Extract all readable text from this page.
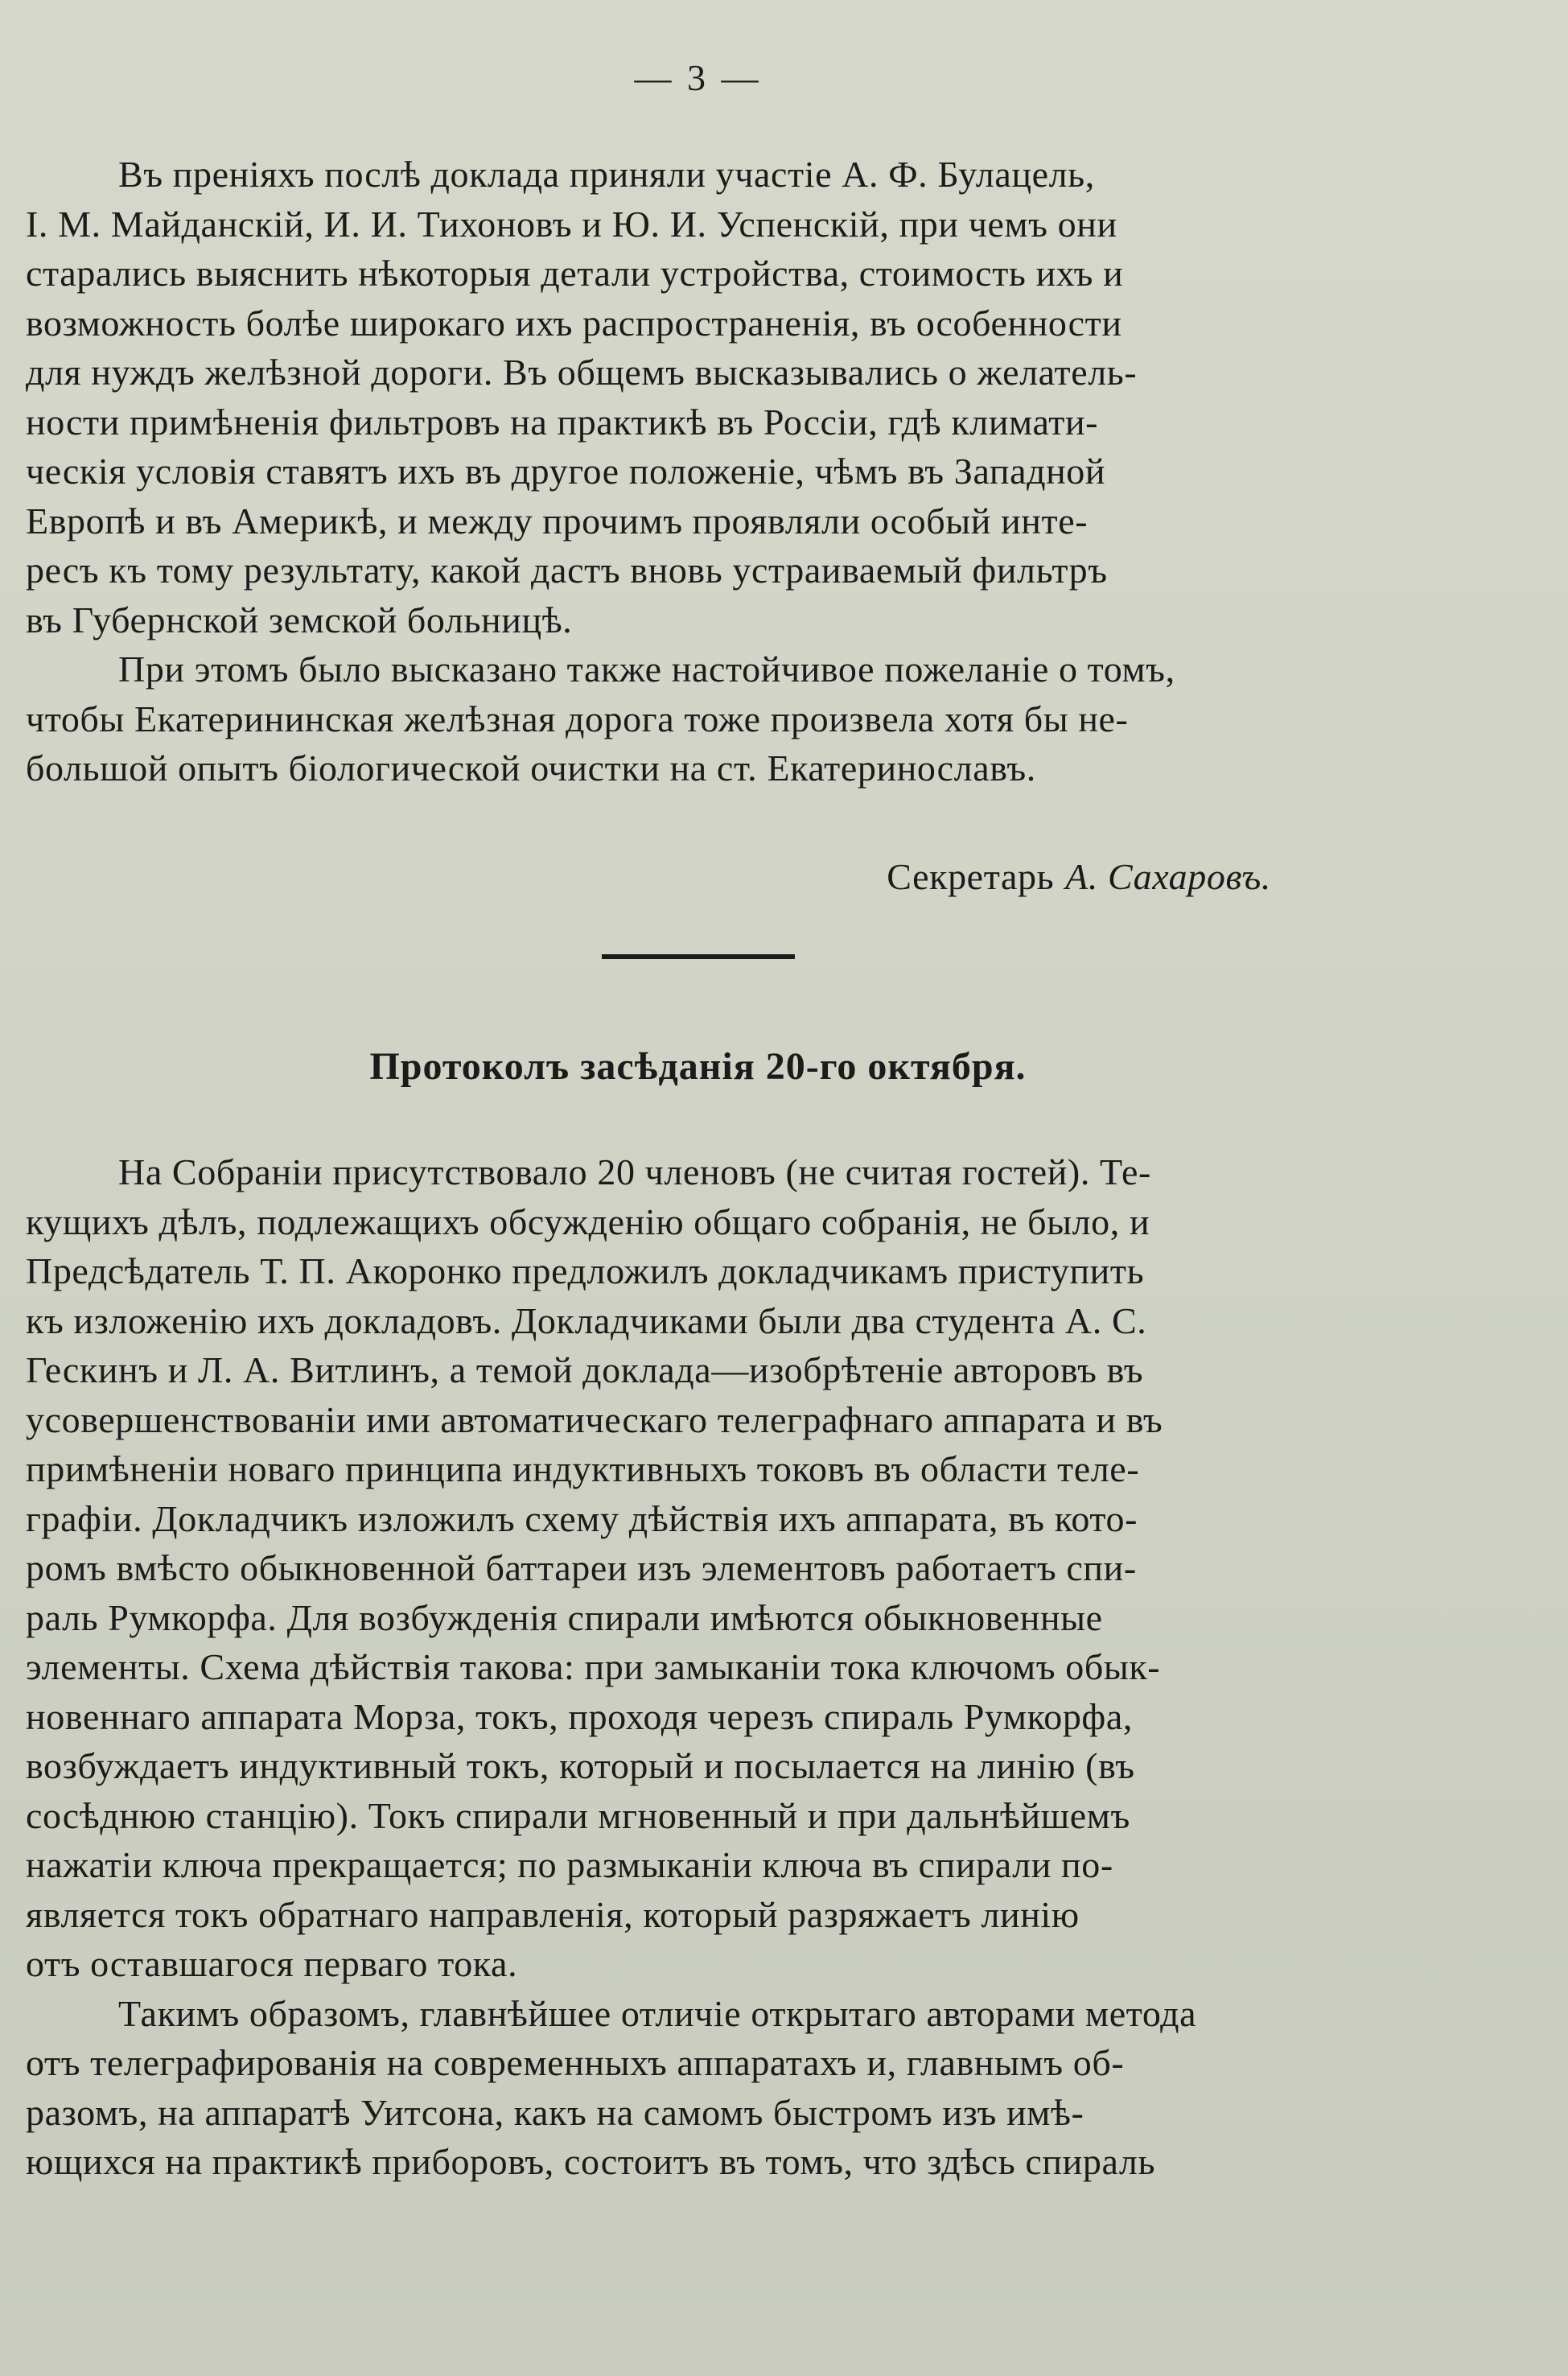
— 3 —

Въ преніяхъ послѣ доклада приняли участіе А. Ф. Булацель,
І. М. Майданскій, И. И. Тихоновъ и Ю. И. Успенскій, при чемъ они
старались выяснить нѣкоторыя детали устройства, стоимость ихъ и
возможность болѣе широкаго ихъ распространенія, въ особенности
для нуждъ желѣзной дороги. Въ общемъ высказывались о желатель-
ности примѣненія фильтровъ на практикѣ въ Россіи, гдѣ климати-
ческія условія ставятъ ихъ въ другое положеніе, чѣмъ въ Западной
Европѣ и въ Америкѣ, и между прочимъ проявляли особый инте-
ресъ къ тому результату, какой дастъ вновь устраиваемый фильтръ
въ Губернской земской больницѣ.

При этомъ было высказано также настойчивое пожеланіе о томъ,
чтобы Екатерининская желѣзная дорога тоже произвела хотя бы не-
большой опытъ біологической очистки на ст. Екатеринославъ.

Секретарь А. Сахаровъ.
Протоколъ засѣданія 20-го октября.

На Собраніи присутствовало 20 членовъ (не считая гостей). Те-
кущихъ дѣлъ, подлежащихъ обсужденію общаго собранія, не было, и
Предсѣдатель Т. П. Акоронко предложилъ докладчикамъ приступить
къ изложенію ихъ докладовъ. Докладчиками были два студента А. С.
Гескинъ и Л. А. Витлинъ, а темой доклада—изобрѣтеніе авторовъ въ
усовершенствованіи ими автоматическаго телеграфнаго аппарата и въ
примѣненіи новаго принципа индуктивныхъ токовъ въ области теле-
графіи. Докладчикъ изложилъ схему дѣйствія ихъ аппарата, въ кото-
ромъ вмѣсто обыкновенной баттареи изъ элементовъ работаетъ спи-
раль Румкорфа. Для возбужденія спирали имѣются обыкновенные
элементы. Схема дѣйствія такова: при замыканіи тока ключомъ обык-
новеннаго аппарата Морза, токъ, проходя черезъ спираль Румкорфа,
возбуждаетъ индуктивный токъ, который и посылается на линію (въ
сосѣднюю станцію). Токъ спирали мгновенный и при дальнѣйшемъ
нажатіи ключа прекращается; по размыканіи ключа въ спирали по-
является токъ обратнаго направленія, который разряжаетъ линію
отъ оставшагося перваго тока.

Такимъ образомъ, главнѣйшее отличіе открытаго авторами метода
отъ телеграфированія на современныхъ аппаратахъ и, главнымъ об-
разомъ, на аппаратѣ Уитсона, какъ на самомъ быстромъ изъ имѣ-
ющихся на практикѣ приборовъ, состоитъ въ томъ, что здѣсь спираль
